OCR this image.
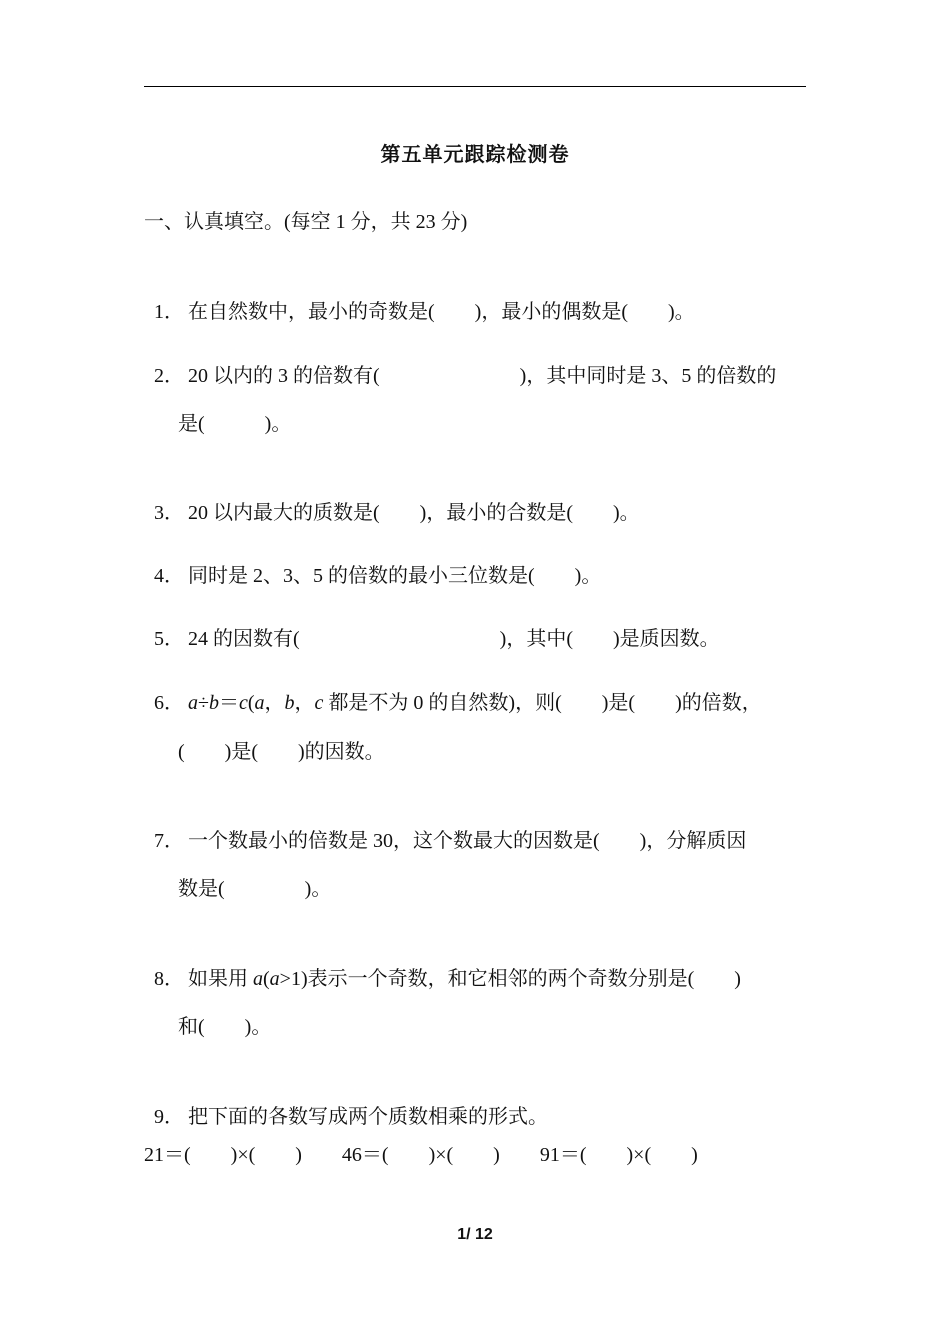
第五单元跟踪检测卷
一、认真填空。(每空 1 分，共 23 分)

1． 在自然数中，最小的奇数是(　　)，最小的偶数是(　　)。

2． 20 以内的 3 的倍数有(　　　　　　　)，其中同时是 3、5 的倍数的

是(　　　)。

3． 20 以内最大的质数是(　　)，最小的合数是(　　)。

4． 同时是 2、3、5 的倍数的最小三位数是(　　)。

5． 24 的因数有(　　　　　　　　　　)，其中(　　)是质因数。

6． a÷b＝c(a，b，c 都是不为 0 的自然数)，则(　　)是(　　)的倍数，

(　　)是(　　)的因数。

7． 一个数最小的倍数是 30，这个数最大的因数是(　　)，分解质因

数是(　　　　)。

8． 如果用 a(a>1)表示一个奇数，和它相邻的两个奇数分别是(　　)

和(　　)。

9． 把下面的各数写成两个质数相乘的形式。

21＝(　　)×(　　)　　46＝(　　)×(　　)　　91＝(　　)×(　　)
1/ 12
